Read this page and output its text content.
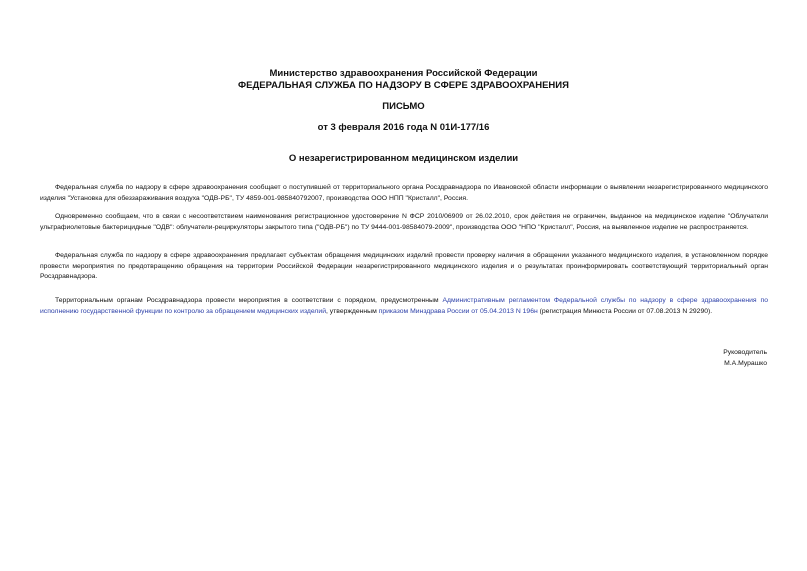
Министерство здравоохранения Российской Федерации
ФЕДЕРАЛЬНАЯ СЛУЖБА ПО НАДЗОРУ В СФЕРЕ ЗДРАВООХРАНЕНИЯ
ПИСЬМО
от 3 февраля 2016 года N 01И-177/16
О незарегистрированном медицинском изделии

Федеральная служба по надзору в сфере здравоохранения сообщает о поступившей от территориального органа Росздравнадзора по Ивановской области информации о выявлении незарегистрированного медицинского изделия "Установка для обеззараживания воздуха "ОДВ-РБ", ТУ 4859-001-985840792007, производства ООО НПП "Кристалл", Россия.

Одновременно сообщаем, что в связи с несоответствием наименования регистрационное удостоверение N ФСР 2010/06909 от 26.02.2010, срок действия не ограничен, выданное на медицинское изделие "Облучатели ультрафиолетовые бактерицидные "ОДВ": облучатели-рециркуляторы закрытого типа ("ОДВ-РБ") по ТУ 9444-001-98584079-2009", производства ООО "НПО "Кристалл", Россия, на выявленное изделие не распространяется.

Федеральная служба по надзору в сфере здравоохранения предлагает субъектам обращения медицинских изделий провести проверку наличия в обращении указанного медицинского изделия, в установленном порядке провести мероприятия по предотвращению обращения на территории Российской Федерации незарегистрированного медицинского изделия и о результатах проинформировать соответствующий территориальный орган Росздравнадзора.

Территориальным органам Росздравнадзора провести мероприятия в соответствии с порядком, предусмотренным Административным регламентом Федеральной службы по надзору в сфере здравоохранения по исполнению государственной функции по контролю за обращением медицинских изделий, утвержденным приказом Минздрава России от 05.04.2013 N 196н (регистрация Минюста России от 07.08.2013 N 29290).

Руководитель
М.А.Мурашко
